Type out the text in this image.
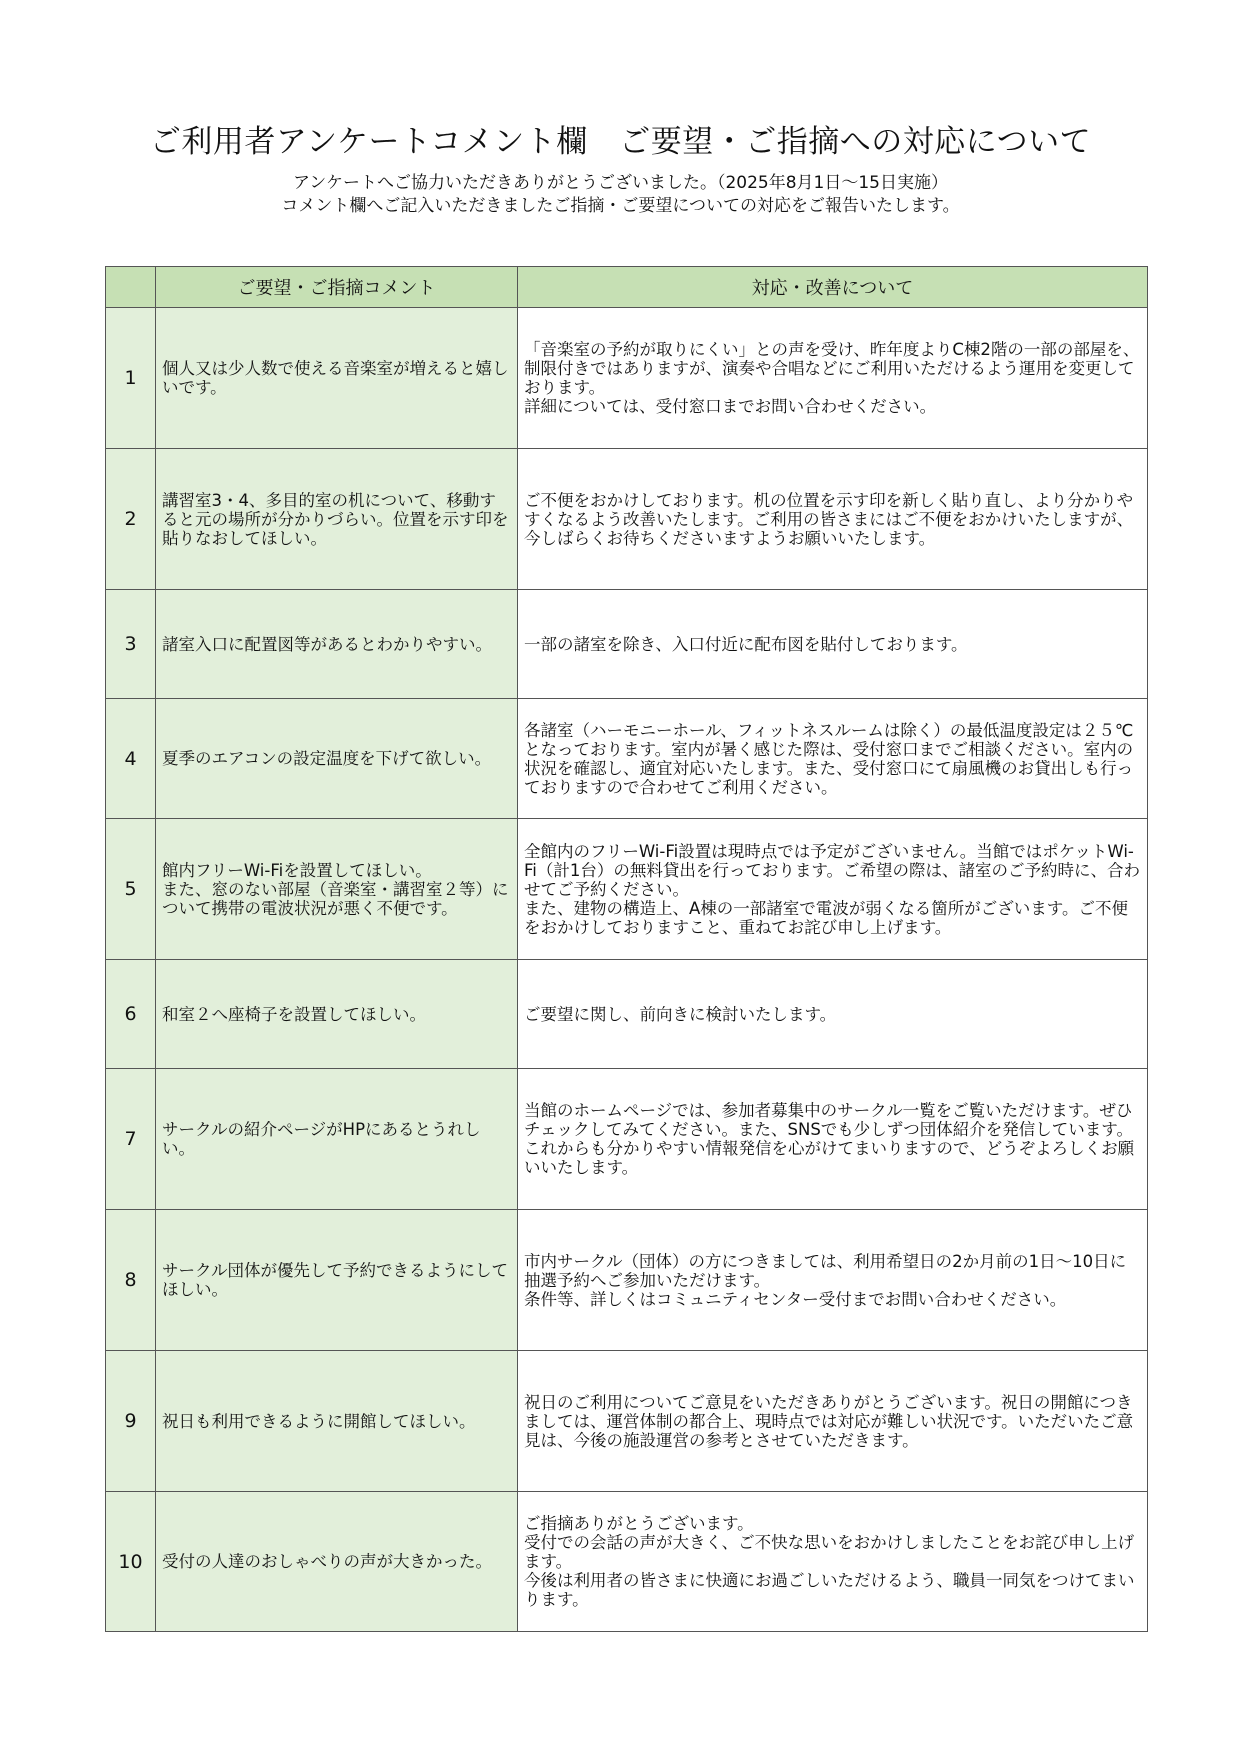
ご利用者アンケートコメント欄　ご要望・ご指摘への対応について
アンケートへご協力いただきありがとうございました。（2025年8月1日～15日実施）
コメント欄へご記入いただきましたご指摘・ご要望についての対応をご報告いたします。
	ご要望・ご指摘コメント	対応・改善について
1	個人又は少人数で使える音楽室が増えると嬉しいです。	「音楽室の予約が取りにくい」との声を受け、昨年度よりC棟2階の一部の部屋を、制限付きではありますが、演奏や合唱などにご利用いただけるよう運用を変更しております。
詳細については、受付窓口までお問い合わせください。
2	講習室3・4、多目的室の机について、移動すると元の場所が分かりづらい。位置を示す印を貼りなおしてほしい。	ご不便をおかけしております。机の位置を示す印を新しく貼り直し、より分かりやすくなるよう改善いたします。ご利用の皆さまにはご不便をおかけいたしますが、今しばらくお待ちくださいますようお願いいたします。
3	諸室入口に配置図等があるとわかりやすい。	一部の諸室を除き、入口付近に配布図を貼付しております。
4	夏季のエアコンの設定温度を下げて欲しい。	各諸室（ハーモニーホール、フィットネスルームは除く）の最低温度設定は２５℃となっております。室内が暑く感じた際は、受付窓口までご相談ください。室内の状況を確認し、適宜対応いたします。また、受付窓口にて扇風機のお貸出しも行っておりますので合わせてご利用ください。
5	館内フリーWi-Fiを設置してほしい。
また、窓のない部屋（音楽室・講習室２等）について携帯の電波状況が悪く不便です。	全館内のフリーWi-Fi設置は現時点では予定がございません。当館ではポケットWi-Fi（計1台）の無料貸出を行っております。ご希望の際は、諸室のご予約時に、合わせてご予約ください。
また、建物の構造上、A棟の一部諸室で電波が弱くなる箇所がございます。ご不便をおかけしておりますこと、重ねてお詫び申し上げます。
6	和室２へ座椅子を設置してほしい。	ご要望に関し、前向きに検討いたします。
7	サークルの紹介ページがHPにあるとうれしい。	当館のホームページでは、参加者募集中のサークル一覧をご覧いただけます。ぜひチェックしてみてください。また、SNSでも少しずつ団体紹介を発信しています。
これからも分かりやすい情報発信を心がけてまいりますので、どうぞよろしくお願いいたします。
8	サークル団体が優先して予約できるようにしてほしい。	市内サークル（団体）の方につきましては、利用希望日の2か月前の1日～10日に抽選予約へご参加いただけます。
条件等、詳しくはコミュニティセンター受付までお問い合わせください。
9	祝日も利用できるように開館してほしい。	祝日のご利用についてご意見をいただきありがとうございます。祝日の開館につきましては、運営体制の都合上、現時点では対応が難しい状況です。いただいたご意見は、今後の施設運営の参考とさせていただきます。
10	受付の人達のおしゃべりの声が大きかった。	ご指摘ありがとうございます。
受付での会話の声が大きく、ご不快な思いをおかけしましたことをお詫び申し上げます。
今後は利用者の皆さまに快適にお過ごしいただけるよう、職員一同気をつけてまいります。
